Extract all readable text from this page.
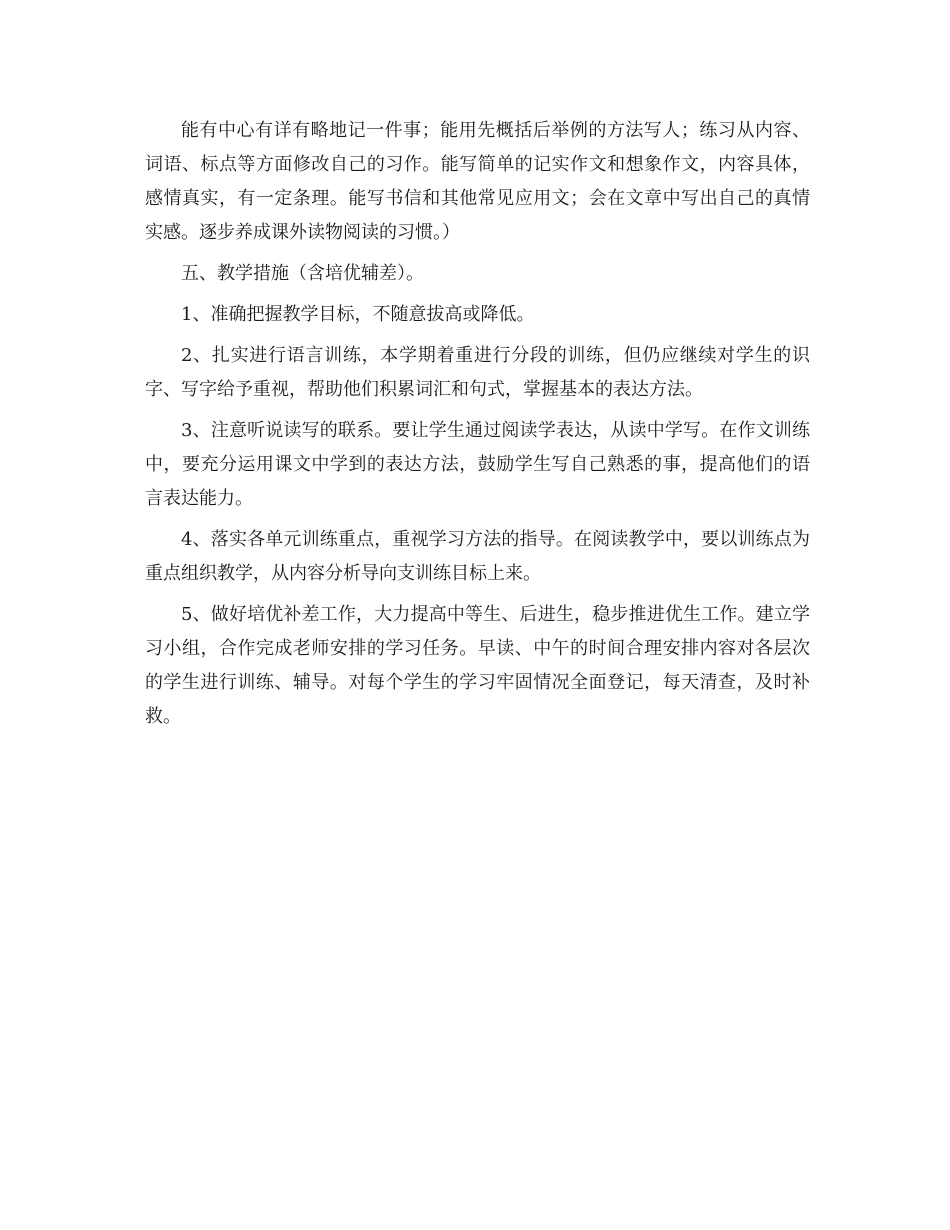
能有中心有详有略地记一件事；能用先概括后举例的方法写人；练习从内容、词语、标点等方面修改自己的习作。能写简单的记实作文和想象作文，内容具体，感情真实，有一定条理。能写书信和其他常见应用文；会在文章中写出自己的真情实感。逐步养成课外读物阅读的习惯。）

五、教学措施（含培优辅差）。

1、准确把握教学目标，不随意拔高或降低。

2、扎实进行语言训练，本学期着重进行分段的训练，但仍应继续对学生的识字、写字给予重视，帮助他们积累词汇和句式，掌握基本的表达方法。

3、注意听说读写的联系。要让学生通过阅读学表达，从读中学写。在作文训练中，要充分运用课文中学到的表达方法，鼓励学生写自己熟悉的事，提高他们的语言表达能力。

4、落实各单元训练重点，重视学习方法的指导。在阅读教学中，要以训练点为重点组织教学，从内容分析导向支训练目标上来。

5、做好培优补差工作，大力提高中等生、后进生，稳步推进优生工作。建立学习小组，合作完成老师安排的学习任务。早读、中午的时间合理安排内容对各层次的学生进行训练、辅导。对每个学生的学习牢固情况全面登记，每天清查，及时补救。
